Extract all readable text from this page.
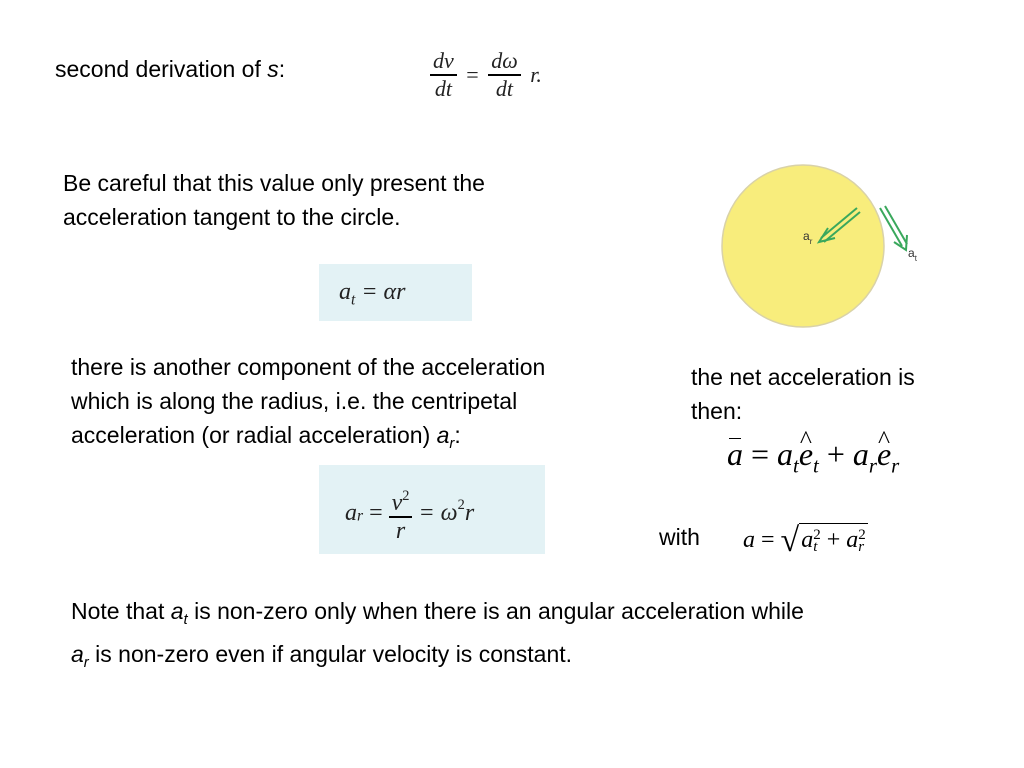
second derivation of s:	$\frac{dv}{dt} = \frac{d\omega}{dt} r$.
Be careful that this value only present the
acceleration tangent to the circle.
$a_t = \alpha r$
$a_r$
$a_t$
there is another component of the acceleration
which is along the radius, i.e. the centripetal
acceleration (or radial acceleration) $a_r$:
the net acceleration is
then:
$a = a_t\^{}$ $e_t$ + $a_r\^{}$ $e_r$
ar = $\frac{v^2}{r} = \omega^2r$
with a = √a 2
t + a 2
r
Note that $a_t$ is non-zero only when there is an angular acceleration while
$a_r$ is non-zero even if angular velocity is constant.
